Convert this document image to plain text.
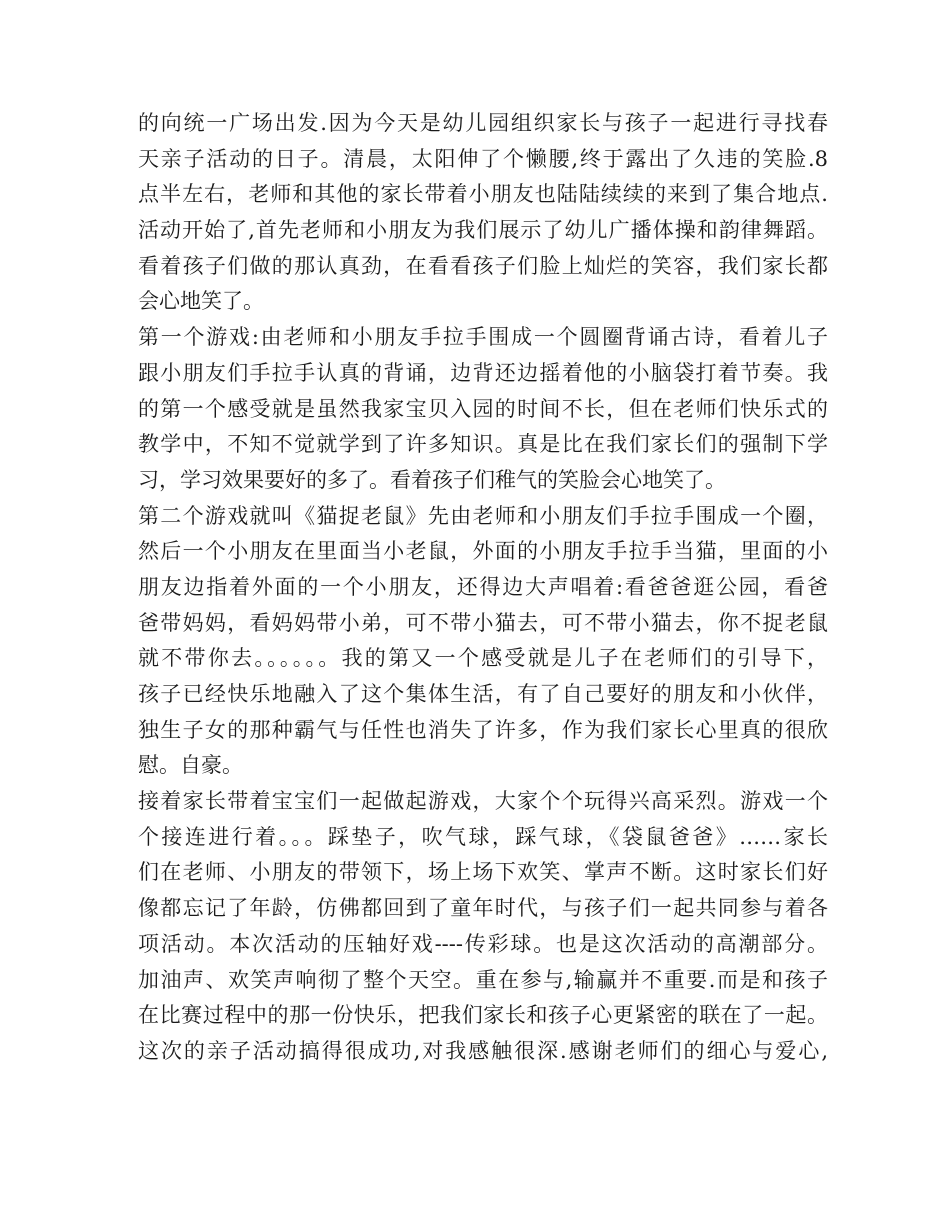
的向统一广场出发.因为今天是幼儿园组织家长与孩子一起进行寻找春
天亲子活动的日子。清晨，太阳伸了个懒腰,终于露出了久违的笑脸.8
点半左右，老师和其他的家长带着小朋友也陆陆续续的来到了集合地点.
活动开始了,首先老师和小朋友为我们展示了幼儿广播体操和韵律舞蹈。
看着孩子们做的那认真劲，在看看孩子们脸上灿烂的笑容，我们家长都
会心地笑了。
第一个游戏:由老师和小朋友手拉手围成一个圆圈背诵古诗，看着儿子
跟小朋友们手拉手认真的背诵，边背还边摇着他的小脑袋打着节奏。我
的第一个感受就是虽然我家宝贝入园的时间不长，但在老师们快乐式的
教学中，不知不觉就学到了许多知识。真是比在我们家长们的强制下学
习，学习效果要好的多了。看着孩子们稚气的笑脸会心地笑了。
第二个游戏就叫《猫捉老鼠》先由老师和小朋友们手拉手围成一个圈，
然后一个小朋友在里面当小老鼠，外面的小朋友手拉手当猫，里面的小
朋友边指着外面的一个小朋友，还得边大声唱着:看爸爸逛公园，看爸
爸带妈妈，看妈妈带小弟，可不带小猫去，可不带小猫去，你不捉老鼠
就不带你去。。。。。。我的第又一个感受就是儿子在老师们的引导下，
孩子已经快乐地融入了这个集体生活，有了自己要好的朋友和小伙伴，
独生子女的那种霸气与任性也消失了许多，作为我们家长心里真的很欣
慰。自豪。
接着家长带着宝宝们一起做起游戏，大家个个玩得兴高采烈。游戏一个
个接连进行着。。。踩垫子，吹气球，踩气球，《袋鼠爸爸》……家长
们在老师、小朋友的带领下，场上场下欢笑、掌声不断。这时家长们好
像都忘记了年龄，仿佛都回到了童年时代，与孩子们一起共同参与着各
项活动。本次活动的压轴好戏----传彩球。也是这次活动的高潮部分。
加油声、欢笑声响彻了整个天空。重在参与,输赢并不重要.而是和孩子
在比赛过程中的那一份快乐，把我们家长和孩子心更紧密的联在了一起。
这次的亲子活动搞得很成功,对我感触很深.感谢老师们的细心与爱心,
